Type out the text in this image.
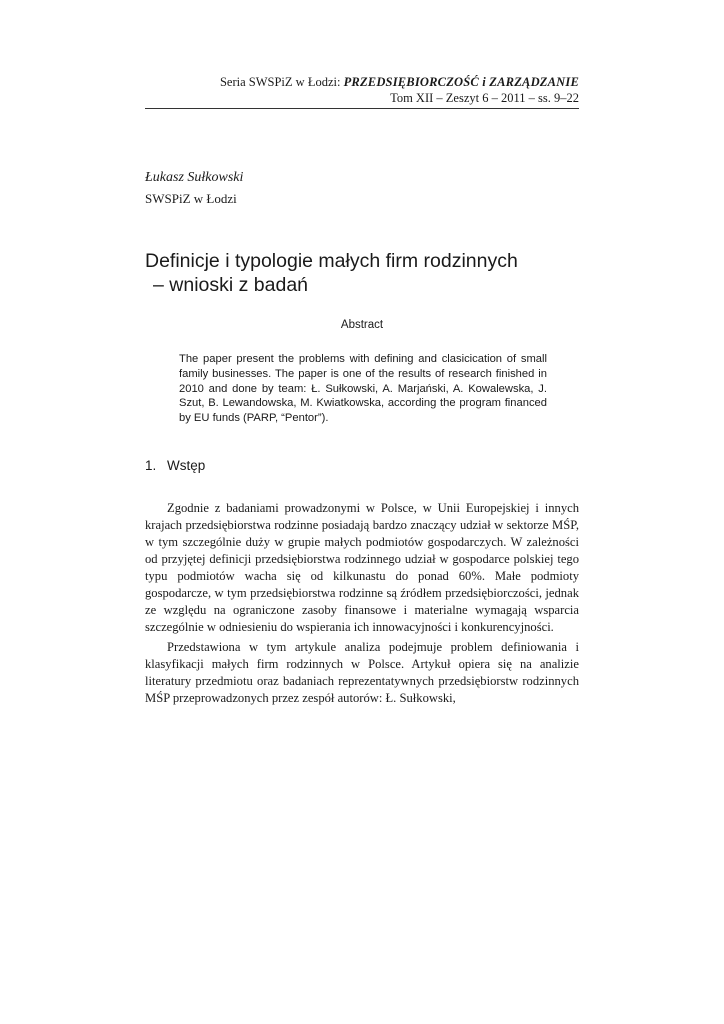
Seria SWSPiZ w Łodzi: PRZEDSIĘBIORCZOŚĆ i ZARZĄDZANIE
Tom XII – Zeszyt 6 – 2011 – ss. 9–22
Łukasz Sułkowski
SWSPiZ w Łodzi
Definicje i typologie małych firm rodzinnych
– wnioski z badań
Abstract
The paper present the problems with defining and clasicication of small family businesses. The paper is one of the results of research finished in 2010 and done by team: Ł. Sułkowski, A. Marjański, A. Kowalewska, J. Szut, B. Lewandowska, M. Kwiatkowska, according the program financed by EU funds (PARP, “Pentor”).
1. Wstęp

Zgodnie z badaniami prowadzonymi w Polsce, w Unii Europejskiej i innych krajach przedsiębiorstwa rodzinne posiadają bardzo znaczący udział w sektorze MŚP, w tym szczególnie duży w grupie małych podmiotów gospodarczych. W zależności od przyjętej definicji przedsiębiorstwa rodzinnego udział w gospodarce polskiej tego typu podmiotów wacha się od kilkunastu do ponad 60%. Małe podmioty gospodarcze, w tym przedsiębiorstwa rodzinne są źródłem przedsiębiorczości, jednak ze względu na ograniczone zasoby finansowe i materialne wymagają wsparcia szczególnie w odniesieniu do wspierania ich innowacyjności i konkurencyjności.

Przedstawiona w tym artykule analiza podejmuje problem definiowania i klasyfikacji małych firm rodzinnych w Polsce. Artykuł opiera się na analizie literatury przedmiotu oraz badaniach reprezentatywnych przedsiębiorstw rodzinnych MŚP przeprowadzonych przez zespół autorów: Ł. Sułkowski,
